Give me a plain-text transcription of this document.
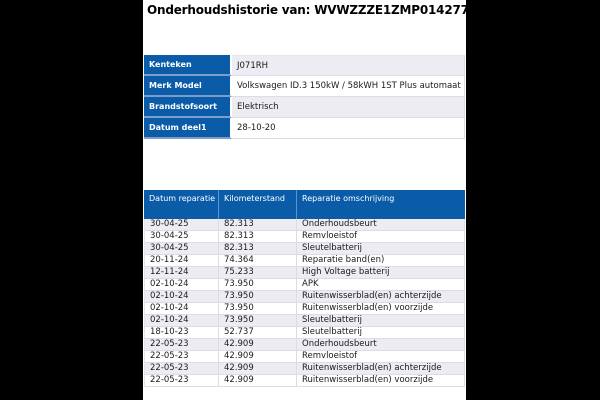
Onderhoudshistorie van: WVWZZZE1ZMP014277
Kenteken	J071RH
Merk Model	Volkswagen ID.3 150kW / 58kWH 1ST Plus automaat
Brandstofsoort	Elektrisch
Datum deel1	28-10-20
Datum reparatie	Kilometerstand	Reparatie omschrijving
30-04-25	82.313	Onderhoudsbeurt
30-04-25	82.313	Remvloeistof
30-04-25	82.313	Sleutelbatterij
20-11-24	74.364	Reparatie band(en)
12-11-24	75.233	High Voltage batterij
02-10-24	73.950	APK
02-10-24	73.950	Ruitenwisserblad(en) achterzijde
02-10-24	73.950	Ruitenwisserblad(en) voorzijde
02-10-24	73.950	Sleutelbatterij
18-10-23	52.737	Sleutelbatterij
22-05-23	42.909	Onderhoudsbeurt
22-05-23	42.909	Remvloeistof
22-05-23	42.909	Ruitenwisserblad(en) achterzijde
22-05-23	42.909	Ruitenwisserblad(en) voorzijde
